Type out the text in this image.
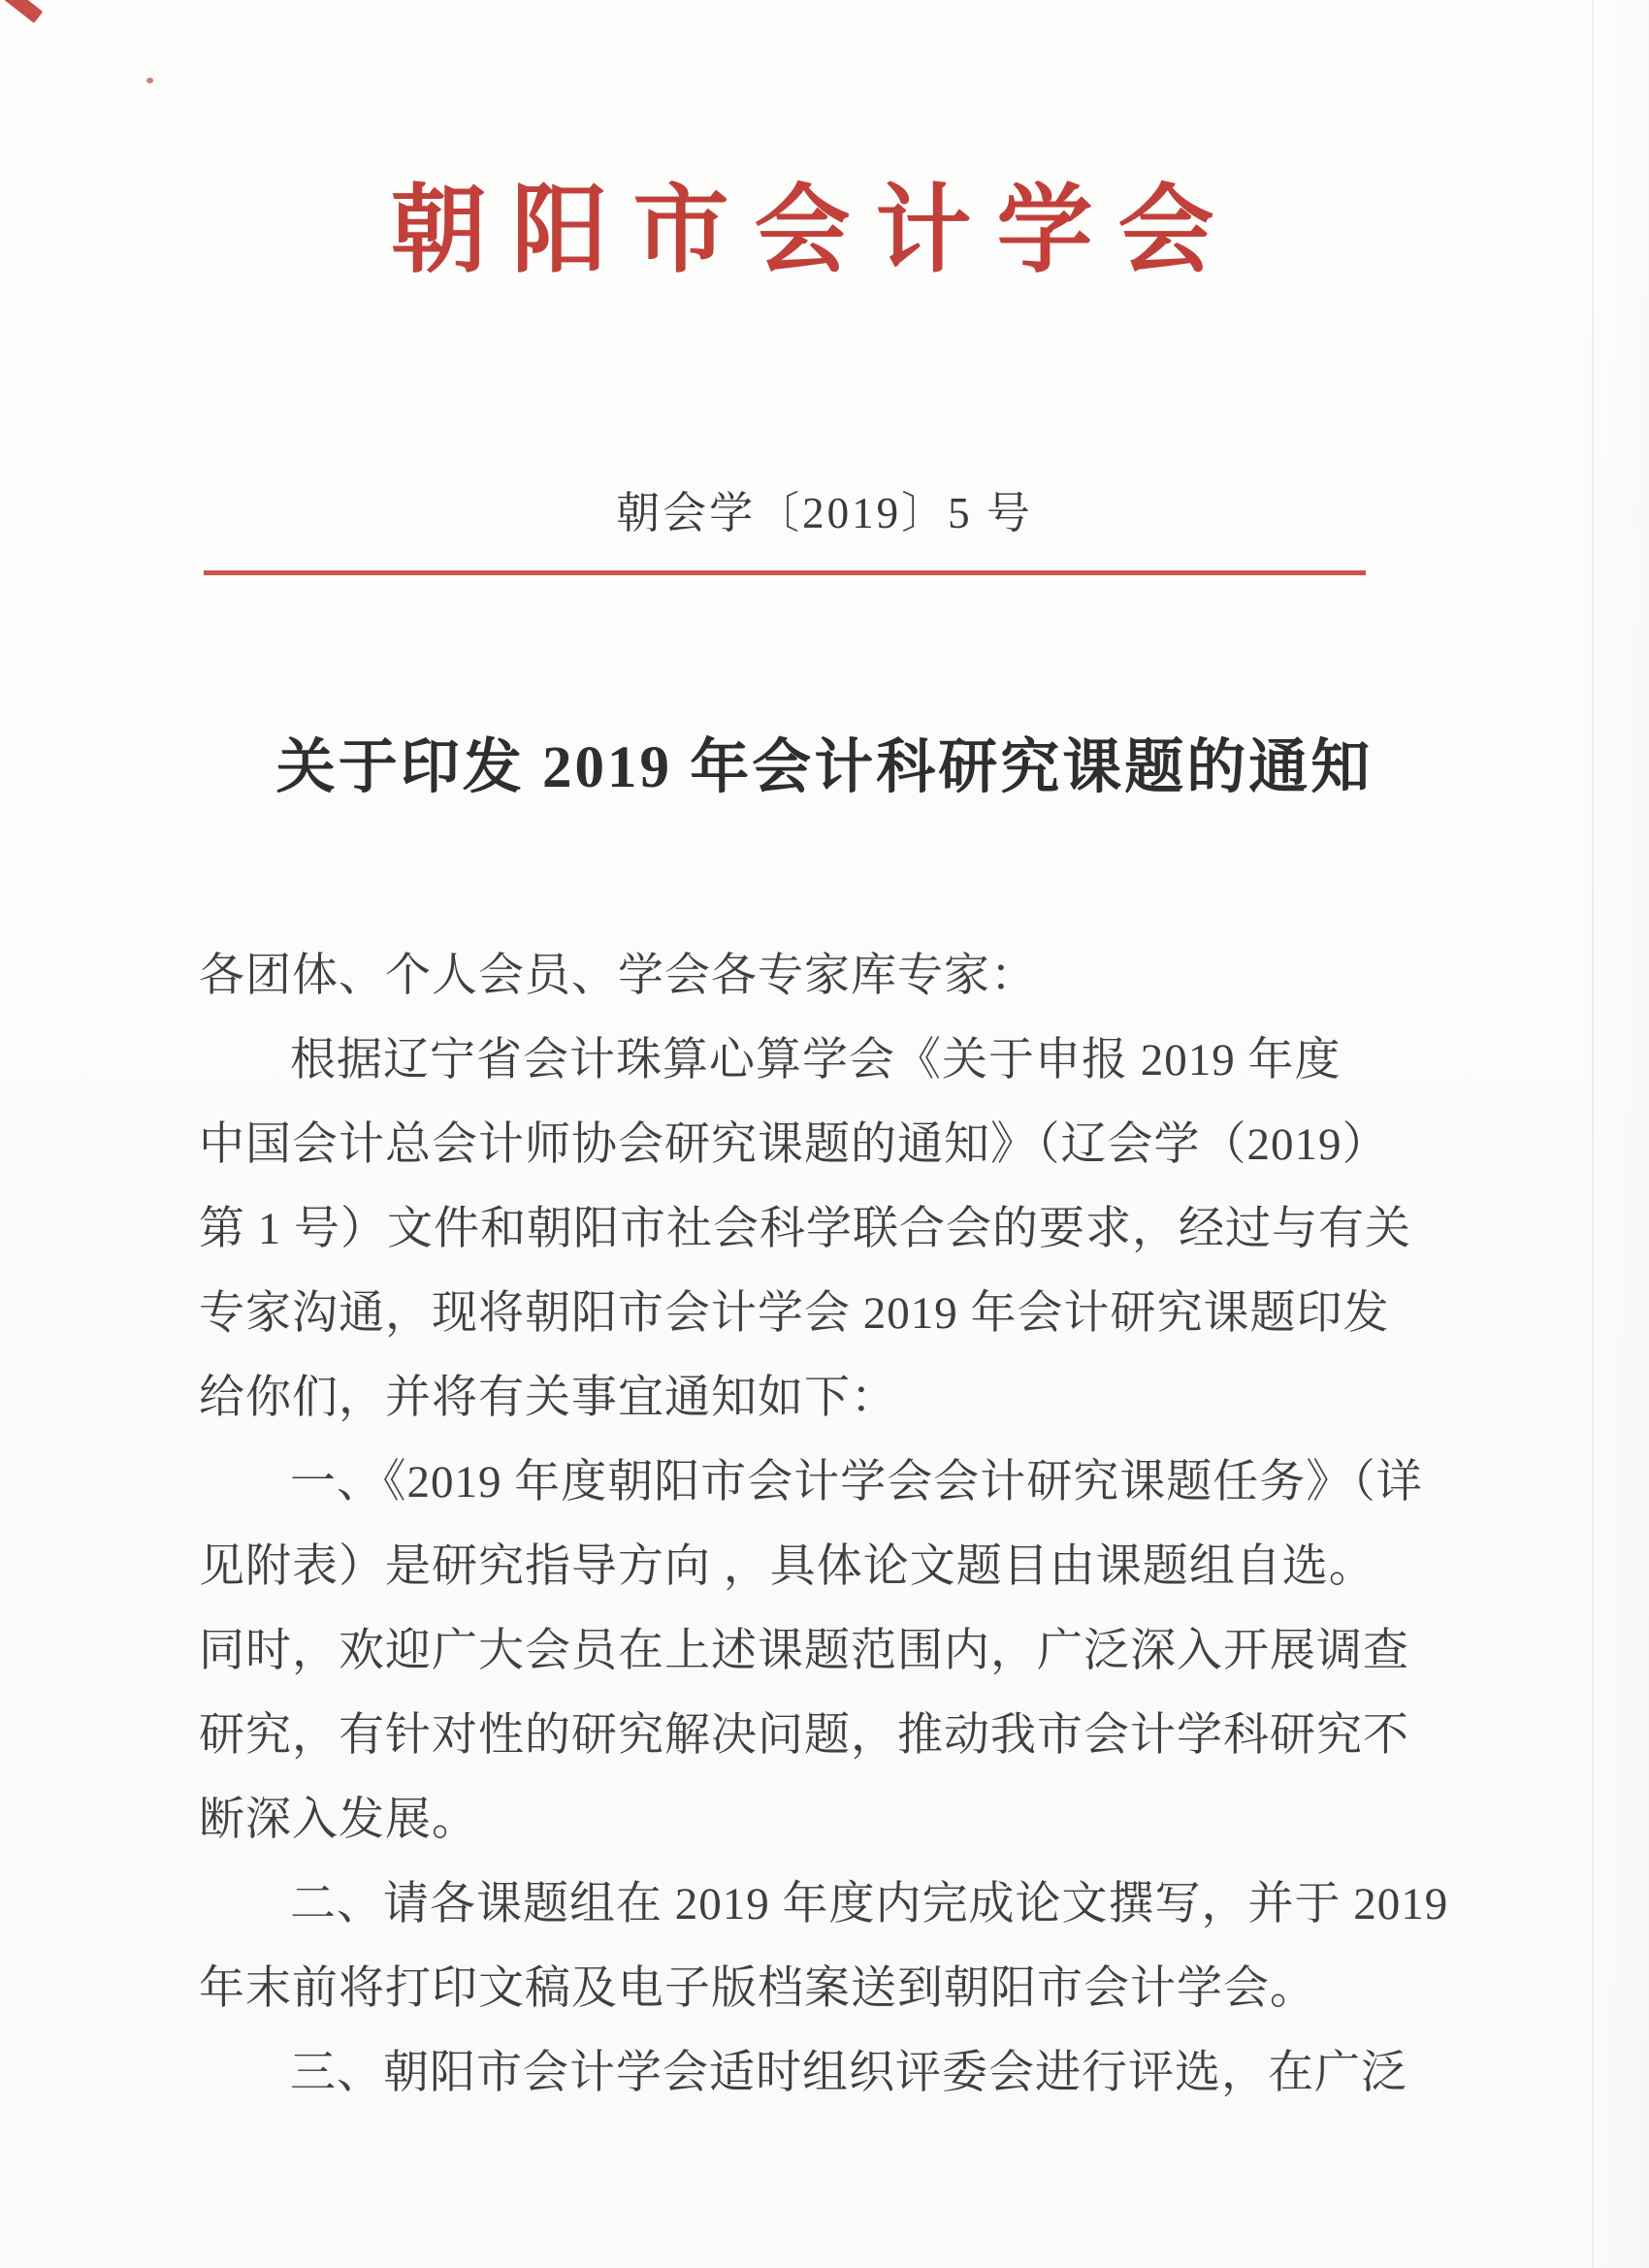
朝阳市会计学会
朝会学〔2019〕5 号
关于印发 2019 年会计科研究课题的通知
各团体、个人会员、学会各专家库专家：
根据辽宁省会计珠算心算学会《关于申报 2019 年度
中国会计总会计师协会研究课题的通知》（辽会学（2019）
第 1 号）文件和朝阳市社会科学联合会的要求，经过与有关
专家沟通，现将朝阳市会计学会 2019 年会计研究课题印发
给你们，并将有关事宜通知如下：
一、《2019 年度朝阳市会计学会会计研究课题任务》（详
见附表）是研究指导方向 ，具体论文题目由课题组自选。
同时，欢迎广大会员在上述课题范围内，广泛深入开展调查
研究，有针对性的研究解决问题，推动我市会计学科研究不
断深入发展。
二、请各课题组在 2019 年度内完成论文撰写，并于 2019
年末前将打印文稿及电子版档案送到朝阳市会计学会。
三、朝阳市会计学会适时组织评委会进行评选，在广泛
